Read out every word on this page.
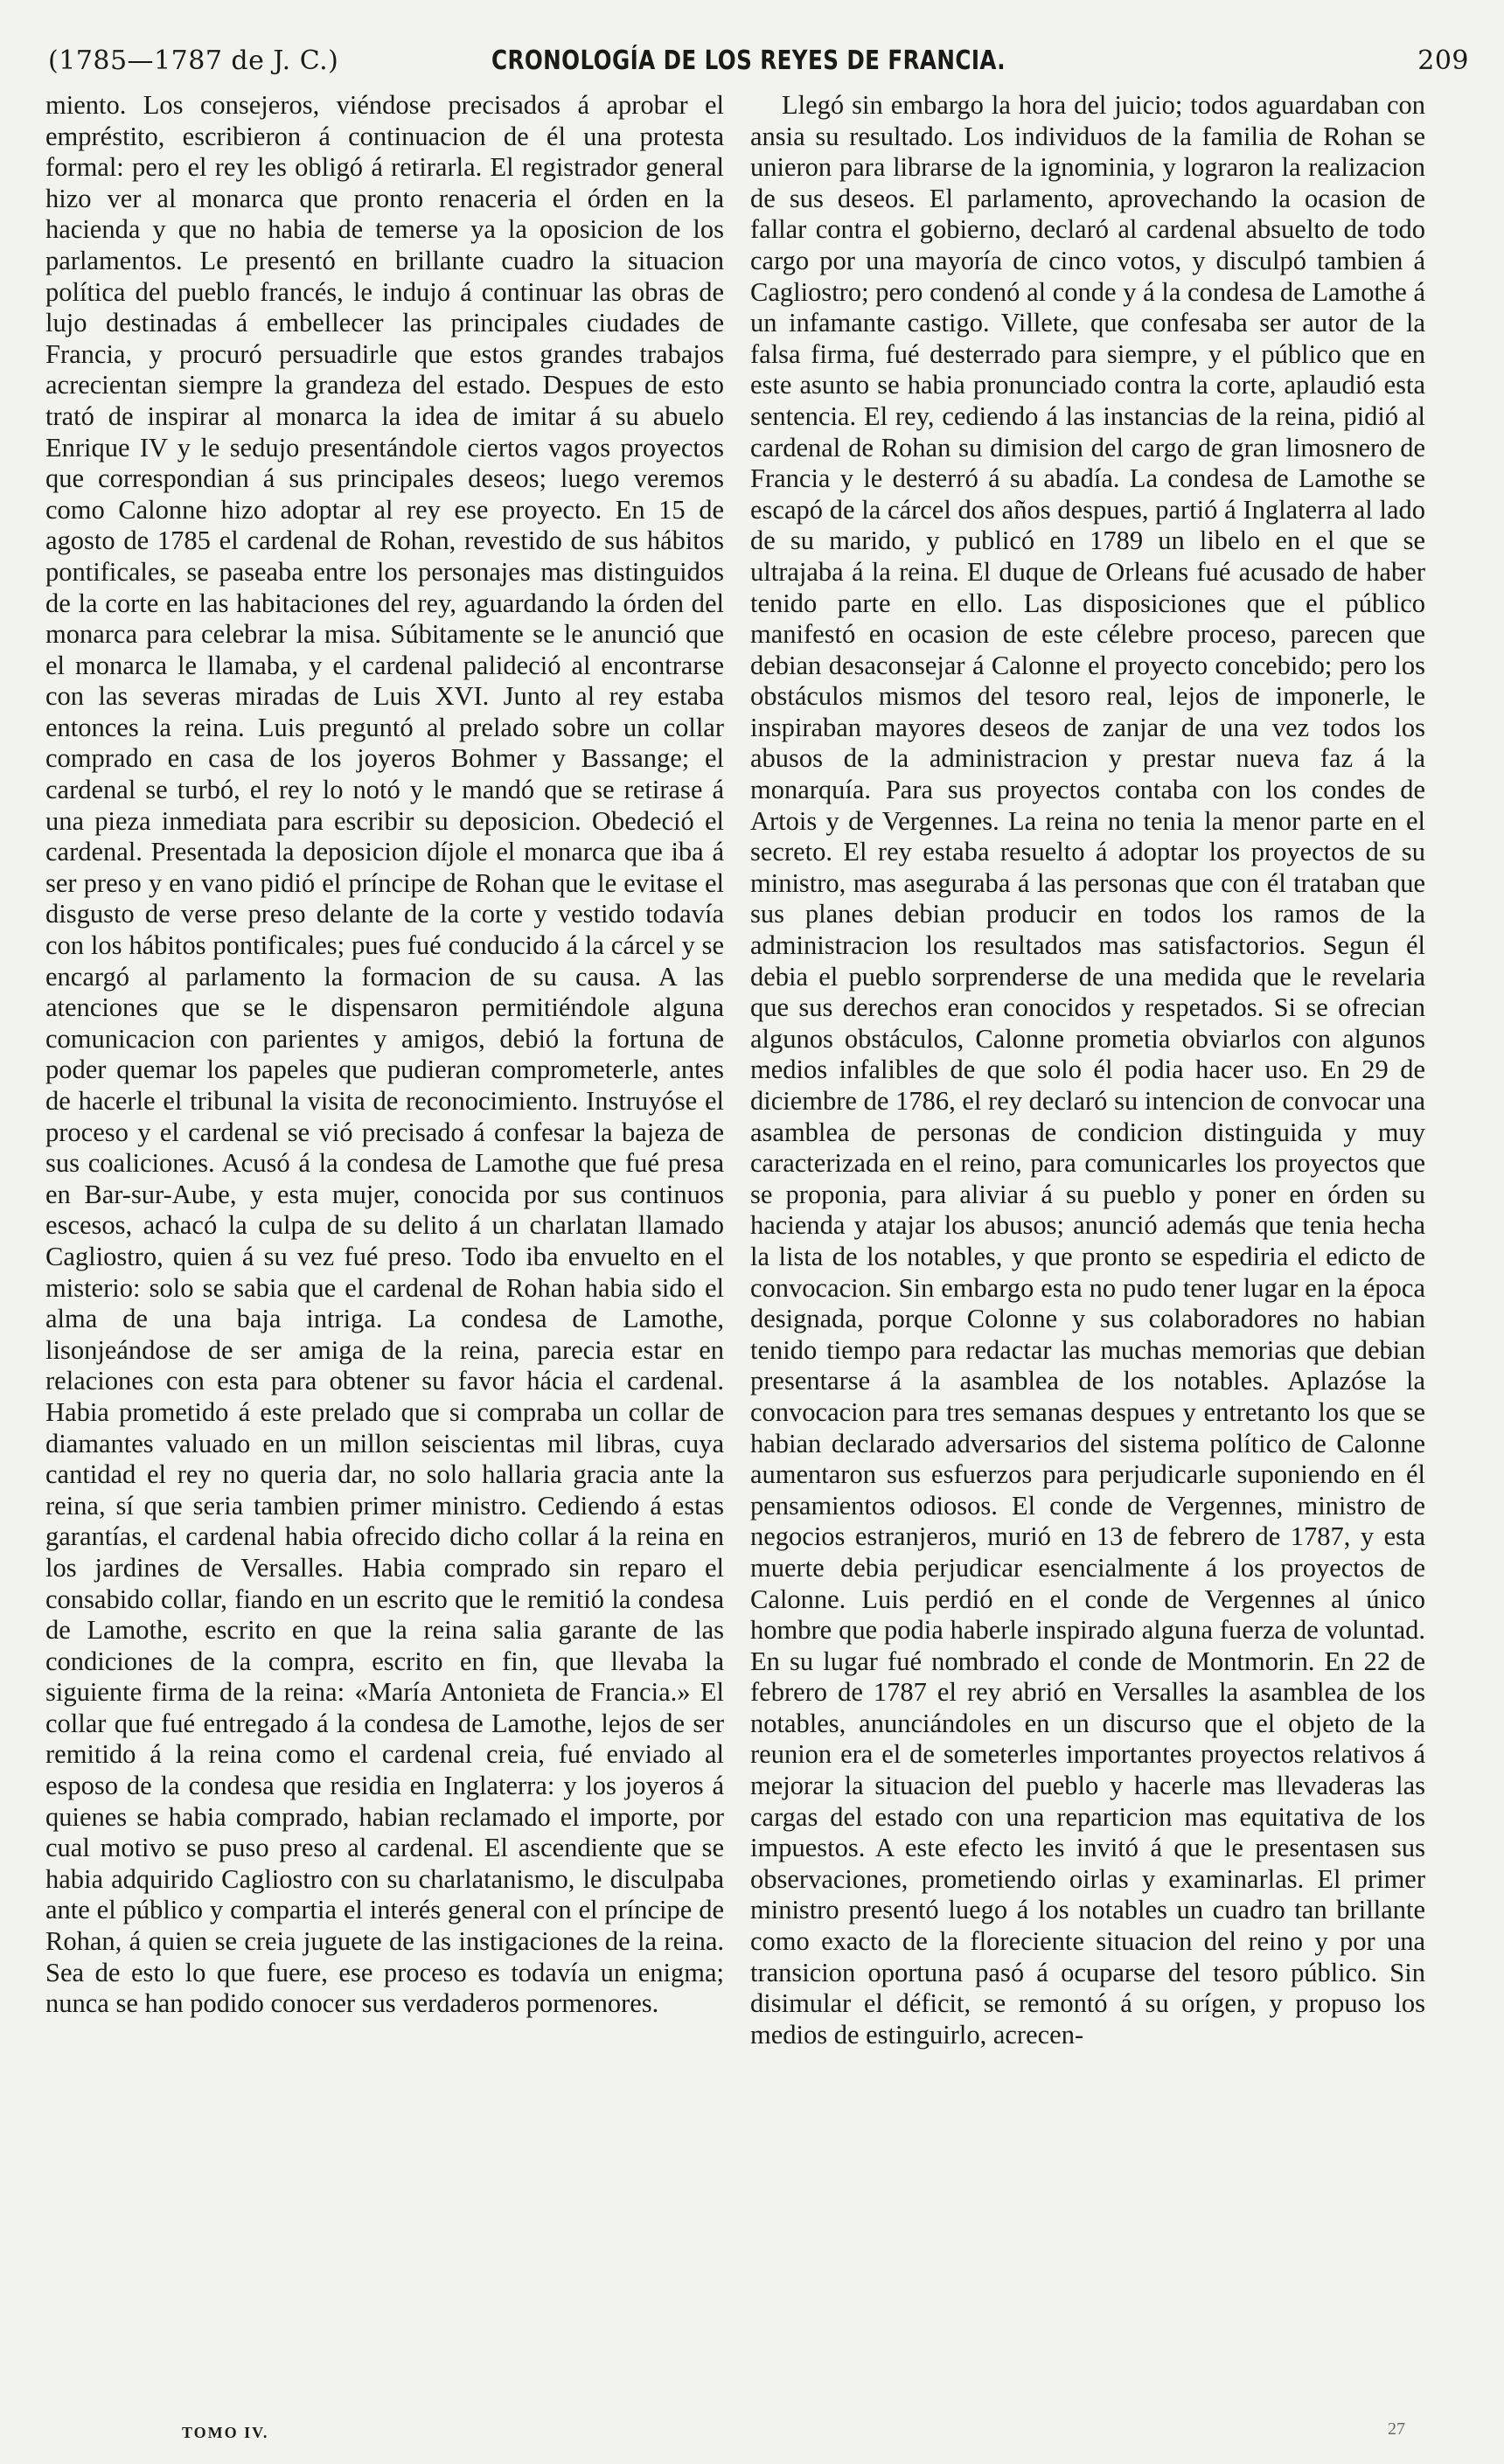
(1785—1787 de J. C.)	CRONOLOGÍA DE LOS REYES DE FRANCIA.	209

miento. Los consejeros, viéndose precisados á aprobar el empréstito, escribieron á continuacion de él una protesta formal: pero el rey les obligó á retirarla. El registrador general hizo ver al monarca que pronto renaceria el órden en la hacienda y que no habia de temerse ya la oposicion de los parlamentos. Le presentó en brillante cuadro la situacion política del pueblo francés, le indujo á continuar las obras de lujo destinadas á embellecer las principales ciudades de Francia, y procuró persuadirle que estos grandes trabajos acrecientan siempre la grandeza del estado. Despues de esto trató de inspirar al monarca la idea de imitar á su abuelo Enrique IV y le sedujo presentándole ciertos vagos proyectos que correspondian á sus principales deseos; luego veremos como Calonne hizo adoptar al rey ese proyecto. En 15 de agosto de 1785 el cardenal de Rohan, revestido de sus hábitos pontificales, se paseaba entre los personajes mas distinguidos de la corte en las habitaciones del rey, aguardando la órden del monarca para celebrar la misa. Súbitamente se le anunció que el monarca le llamaba, y el cardenal palideció al encontrarse con las severas miradas de Luis XVI. Junto al rey estaba entonces la reina. Luis preguntó al prelado sobre un collar comprado en casa de los joyeros Bohmer y Bassange; el cardenal se turbó, el rey lo notó y le mandó que se retirase á una pieza inmediata para escribir su deposicion. Obedeció el cardenal. Presentada la deposicion díjole el monarca que iba á ser preso y en vano pidió el príncipe de Rohan que le evitase el disgusto de verse preso delante de la corte y vestido todavía con los hábitos pontificales; pues fué conducido á la cárcel y se encargó al parlamento la formacion de su causa. A las atenciones que se le dispensaron permitiéndole alguna comunicacion con parientes y amigos, debió la fortuna de poder quemar los papeles que pudieran comprometerle, antes de hacerle el tribunal la visita de reconocimiento. Instruyóse el proceso y el cardenal se vió precisado á confesar la bajeza de sus coaliciones. Acusó á la condesa de Lamothe que fué presa en Bar-sur-Aube, y esta mujer, conocida por sus continuos escesos, achacó la culpa de su delito á un charlatan llamado Cagliostro, quien á su vez fué preso. Todo iba envuelto en el misterio: solo se sabia que el cardenal de Rohan habia sido el alma de una baja intriga. La condesa de Lamothe, lisonjeándose de ser amiga de la reina, parecia estar en relaciones con esta para obtener su favor hácia el cardenal. Habia prometido á este prelado que si compraba un collar de diamantes valuado en un millon seiscientas mil libras, cuya cantidad el rey no queria dar, no solo hallaria gracia ante la reina, sí que seria tambien primer ministro. Cediendo á estas garantías, el cardenal habia ofrecido dicho collar á la reina en los jardines de Versalles. Habia comprado sin reparo el consabido collar, fiando en un escrito que le remitió la condesa de Lamothe, escrito en que la reina salia garante de las condiciones de la compra, escrito en fin, que llevaba la siguiente firma de la reina: «María Antonieta de Francia.» El collar que fué entregado á la condesa de Lamothe, lejos de ser remitido á la reina como el cardenal creia, fué enviado al esposo de la condesa que residia en Inglaterra: y los joyeros á quienes se habia comprado, habian reclamado el importe, por cual motivo se puso preso al cardenal. El ascendiente que se habia adquirido Cagliostro con su charlatanismo, le disculpaba ante el público y compartia el interés general con el príncipe de Rohan, á quien se creia juguete de las instigaciones de la reina. Sea de esto lo que fuere, ese proceso es todavía un enigma; nunca se han podido conocer sus verdaderos pormenores.

Llegó sin embargo la hora del juicio; todos aguardaban con ansia su resultado. Los individuos de la familia de Rohan se unieron para librarse de la ignominia, y lograron la realizacion de sus deseos. El parlamento, aprovechando la ocasion de fallar contra el gobierno, declaró al cardenal absuelto de todo cargo por una mayoría de cinco votos, y disculpó tambien á Cagliostro; pero condenó al conde y á la condesa de Lamothe á un infamante castigo. Villete, que confesaba ser autor de la falsa firma, fué desterrado para siempre, y el público que en este asunto se habia pronunciado contra la corte, aplaudió esta sentencia. El rey, cediendo á las instancias de la reina, pidió al cardenal de Rohan su dimision del cargo de gran limosnero de Francia y le desterró á su abadía. La condesa de Lamothe se escapó de la cárcel dos años despues, partió á Inglaterra al lado de su marido, y publicó en 1789 un libelo en el que se ultrajaba á la reina. El duque de Orleans fué acusado de haber tenido parte en ello. Las disposiciones que el público manifestó en ocasion de este célebre proceso, parecen que debian desaconsejar á Calonne el proyecto concebido; pero los obstáculos mismos del tesoro real, lejos de imponerle, le inspiraban mayores deseos de zanjar de una vez todos los abusos de la administracion y prestar nueva faz á la monarquía. Para sus proyectos contaba con los condes de Artois y de Vergennes. La reina no tenia la menor parte en el secreto. El rey estaba resuelto á adoptar los proyectos de su ministro, mas aseguraba á las personas que con él trataban que sus planes debian producir en todos los ramos de la administracion los resultados mas satisfactorios. Segun él debia el pueblo sorprenderse de una medida que le revelaria que sus derechos eran conocidos y respetados. Si se ofrecian algunos obstáculos, Calonne prometia obviarlos con algunos medios infalibles de que solo él podia hacer uso. En 29 de diciembre de 1786, el rey declaró su intencion de convocar una asamblea de personas de condicion distinguida y muy caracterizada en el reino, para comunicarles los proyectos que se proponia, para aliviar á su pueblo y poner en órden su hacienda y atajar los abusos; anunció además que tenia hecha la lista de los notables, y que pronto se espediria el edicto de convocacion. Sin embargo esta no pudo tener lugar en la época designada, porque Colonne y sus colaboradores no habian tenido tiempo para redactar las muchas memorias que debian presentarse á la asamblea de los notables. Aplazóse la convocacion para tres semanas despues y entretanto los que se habian declarado adversarios del sistema político de Calonne aumentaron sus esfuerzos para perjudicarle suponiendo en él pensamientos odiosos. El conde de Vergennes, ministro de negocios estranjeros, murió en 13 de febrero de 1787, y esta muerte debia perjudicar esencialmente á los proyectos de Calonne. Luis perdió en el conde de Vergennes al único hombre que podia haberle inspirado alguna fuerza de voluntad. En su lugar fué nombrado el conde de Montmorin. En 22 de febrero de 1787 el rey abrió en Versalles la asamblea de los notables, anunciándoles en un discurso que el objeto de la reunion era el de someterles importantes proyectos relativos á mejorar la situacion del pueblo y hacerle mas llevaderas las cargas del estado con una reparticion mas equitativa de los impuestos. A este efecto les invitó á que le presentasen sus observaciones, prometiendo oirlas y examinarlas. El primer ministro presentó luego á los notables un cuadro tan brillante como exacto de la floreciente situacion del reino y por una transicion oportuna pasó á ocuparse del tesoro público. Sin disimular el déficit, se remontó á su orígen, y propuso los medios de estinguirlo, acrecen-

TOMO IV.	27
